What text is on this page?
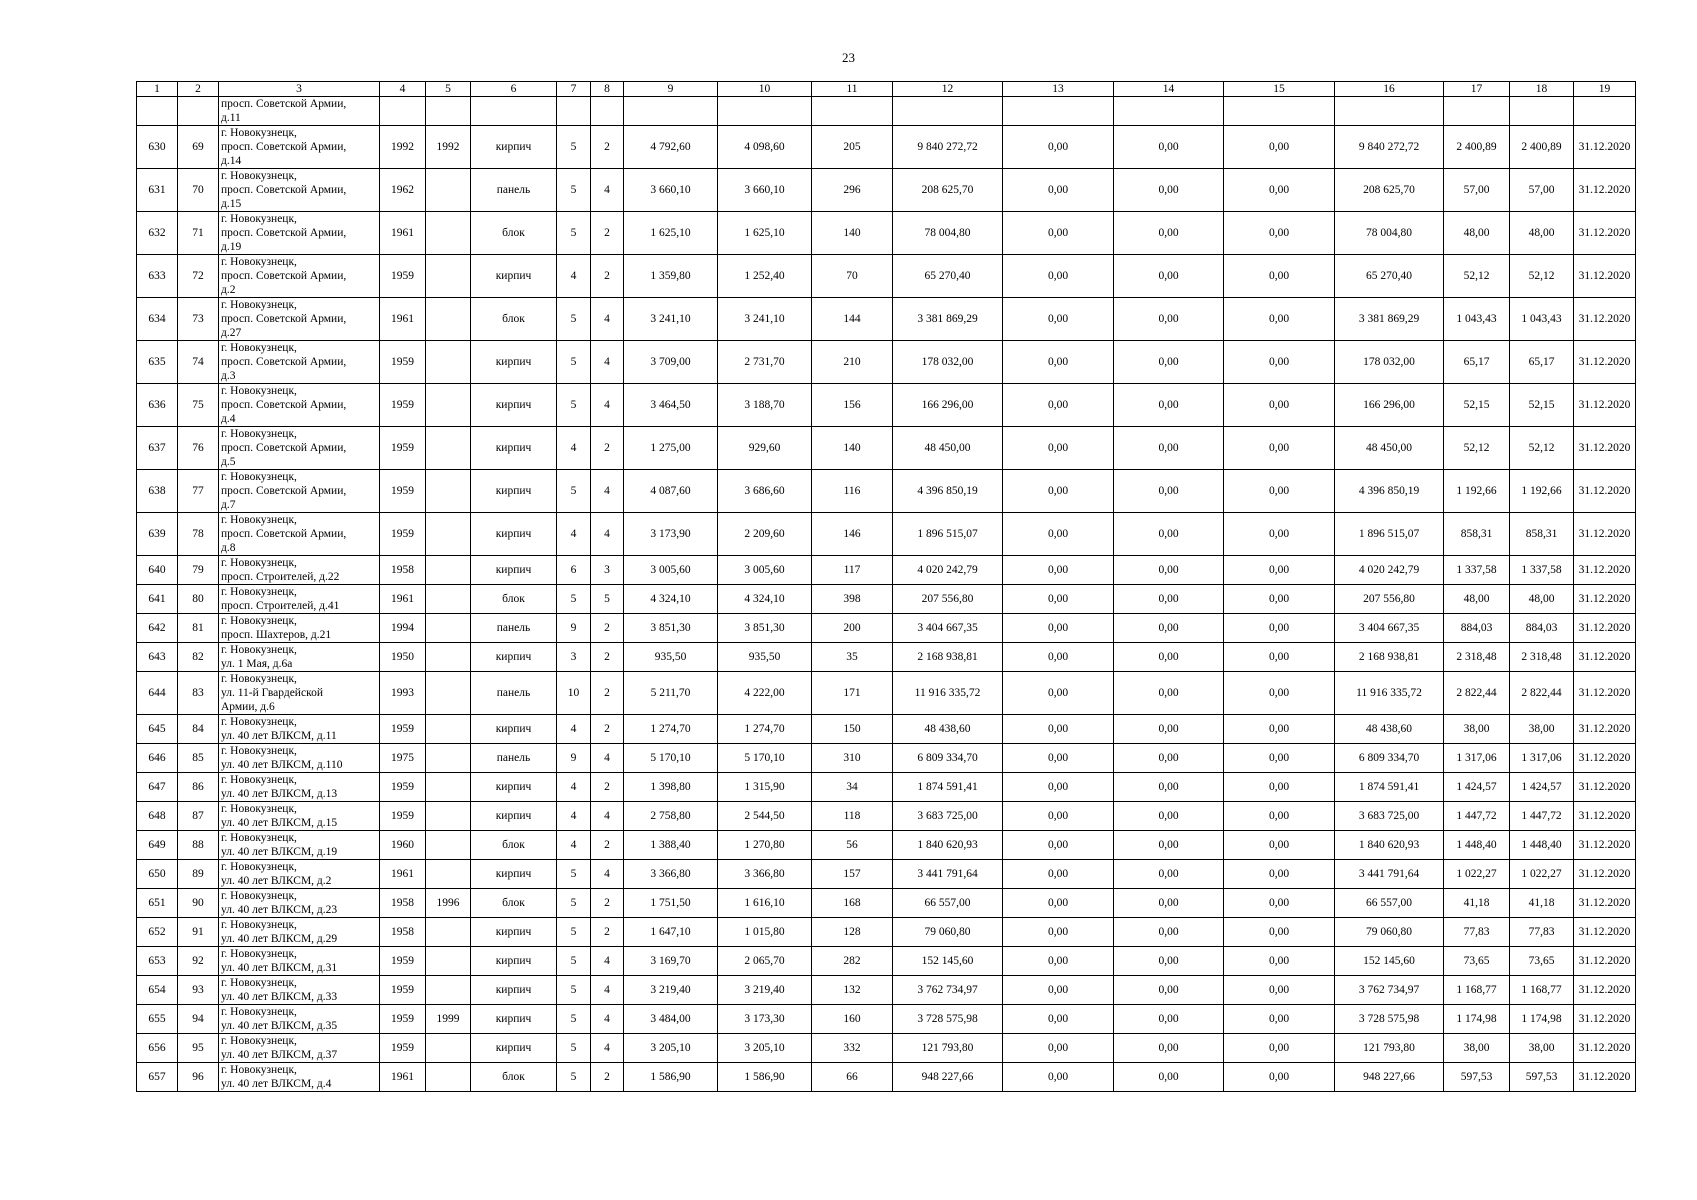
23
1	2	3	4	5	6	7	8	9	10	11	12	13	14	15	16	17	18	19

		просп. Советской Армии,
д.11																

630	69	г. Новокузнецк,
просп. Советской Армии,
д.14	1992	1992	кирпич	5	2	4 792,60	4 098,60	205	9 840 272,72	0,00	0,00	0,00	9 840 272,72	2 400,89	2 400,89	31.12.2020
631	70	г. Новокузнецк,
просп. Советской Армии,
д.15	1962		панель	5	4	3 660,10	3 660,10	296	208 625,70	0,00	0,00	0,00	208 625,70	57,00	57,00	31.12.2020
632	71	г. Новокузнецк,
просп. Советской Армии,
д.19	1961		блок	5	2	1 625,10	1 625,10	140	78 004,80	0,00	0,00	0,00	78 004,80	48,00	48,00	31.12.2020
633	72	г. Новокузнецк,
просп. Советской Армии,
д.2	1959		кирпич	4	2	1 359,80	1 252,40	70	65 270,40	0,00	0,00	0,00	65 270,40	52,12	52,12	31.12.2020
634	73	г. Новокузнецк,
просп. Советской Армии,
д.27	1961		блок	5	4	3 241,10	3 241,10	144	3 381 869,29	0,00	0,00	0,00	3 381 869,29	1 043,43	1 043,43	31.12.2020
635	74	г. Новокузнецк,
просп. Советской Армии,
д.3	1959		кирпич	5	4	3 709,00	2 731,70	210	178 032,00	0,00	0,00	0,00	178 032,00	65,17	65,17	31.12.2020
636	75	г. Новокузнецк,
просп. Советской Армии,
д.4	1959		кирпич	5	4	3 464,50	3 188,70	156	166 296,00	0,00	0,00	0,00	166 296,00	52,15	52,15	31.12.2020
637	76	г. Новокузнецк,
просп. Советской Армии,
д.5	1959		кирпич	4	2	1 275,00	929,60	140	48 450,00	0,00	0,00	0,00	48 450,00	52,12	52,12	31.12.2020
638	77	г. Новокузнецк,
просп. Советской Армии,
д.7	1959		кирпич	5	4	4 087,60	3 686,60	116	4 396 850,19	0,00	0,00	0,00	4 396 850,19	1 192,66	1 192,66	31.12.2020
639	78	г. Новокузнецк,
просп. Советской Армии,
д.8	1959		кирпич	4	4	3 173,90	2 209,60	146	1 896 515,07	0,00	0,00	0,00	1 896 515,07	858,31	858,31	31.12.2020
640	79	г. Новокузнецк,
просп. Строителей, д.22	1958		кирпич	6	3	3 005,60	3 005,60	117	4 020 242,79	0,00	0,00	0,00	4 020 242,79	1 337,58	1 337,58	31.12.2020
641	80	г. Новокузнецк,
просп. Строителей, д.41	1961		блок	5	5	4 324,10	4 324,10	398	207 556,80	0,00	0,00	0,00	207 556,80	48,00	48,00	31.12.2020
642	81	г. Новокузнецк,
просп. Шахтеров, д.21	1994		панель	9	2	3 851,30	3 851,30	200	3 404 667,35	0,00	0,00	0,00	3 404 667,35	884,03	884,03	31.12.2020
643	82	г. Новокузнецк,
ул. 1 Мая, д.6а	1950		кирпич	3	2	935,50	935,50	35	2 168 938,81	0,00	0,00	0,00	2 168 938,81	2 318,48	2 318,48	31.12.2020
644	83	г. Новокузнецк,
ул. 11-й Гвардейской
Армии, д.6	1993		панель	10	2	5 211,70	4 222,00	171	11 916 335,72	0,00	0,00	0,00	11 916 335,72	2 822,44	2 822,44	31.12.2020
645	84	г. Новокузнецк,
ул. 40 лет ВЛКСМ, д.11	1959		кирпич	4	2	1 274,70	1 274,70	150	48 438,60	0,00	0,00	0,00	48 438,60	38,00	38,00	31.12.2020
646	85	г. Новокузнецк,
ул. 40 лет ВЛКСМ, д.110	1975		панель	9	4	5 170,10	5 170,10	310	6 809 334,70	0,00	0,00	0,00	6 809 334,70	1 317,06	1 317,06	31.12.2020
647	86	г. Новокузнецк,
ул. 40 лет ВЛКСМ, д.13	1959		кирпич	4	2	1 398,80	1 315,90	34	1 874 591,41	0,00	0,00	0,00	1 874 591,41	1 424,57	1 424,57	31.12.2020
648	87	г. Новокузнецк,
ул. 40 лет ВЛКСМ, д.15	1959		кирпич	4	4	2 758,80	2 544,50	118	3 683 725,00	0,00	0,00	0,00	3 683 725,00	1 447,72	1 447,72	31.12.2020
649	88	г. Новокузнецк,
ул. 40 лет ВЛКСМ, д.19	1960		блок	4	2	1 388,40	1 270,80	56	1 840 620,93	0,00	0,00	0,00	1 840 620,93	1 448,40	1 448,40	31.12.2020
650	89	г. Новокузнецк,
ул. 40 лет ВЛКСМ, д.2	1961		кирпич	5	4	3 366,80	3 366,80	157	3 441 791,64	0,00	0,00	0,00	3 441 791,64	1 022,27	1 022,27	31.12.2020
651	90	г. Новокузнецк,
ул. 40 лет ВЛКСМ, д.23	1958	1996	блок	5	2	1 751,50	1 616,10	168	66 557,00	0,00	0,00	0,00	66 557,00	41,18	41,18	31.12.2020
652	91	г. Новокузнецк,
ул. 40 лет ВЛКСМ, д.29	1958		кирпич	5	2	1 647,10	1 015,80	128	79 060,80	0,00	0,00	0,00	79 060,80	77,83	77,83	31.12.2020
653	92	г. Новокузнецк,
ул. 40 лет ВЛКСМ, д.31	1959		кирпич	5	4	3 169,70	2 065,70	282	152 145,60	0,00	0,00	0,00	152 145,60	73,65	73,65	31.12.2020
654	93	г. Новокузнецк,
ул. 40 лет ВЛКСМ, д.33	1959		кирпич	5	4	3 219,40	3 219,40	132	3 762 734,97	0,00	0,00	0,00	3 762 734,97	1 168,77	1 168,77	31.12.2020
655	94	г. Новокузнецк,
ул. 40 лет ВЛКСМ, д.35	1959	1999	кирпич	5	4	3 484,00	3 173,30	160	3 728 575,98	0,00	0,00	0,00	3 728 575,98	1 174,98	1 174,98	31.12.2020
656	95	г. Новокузнецк,
ул. 40 лет ВЛКСМ, д.37	1959		кирпич	5	4	3 205,10	3 205,10	332	121 793,80	0,00	0,00	0,00	121 793,80	38,00	38,00	31.12.2020
657	96	г. Новокузнецк,
ул. 40 лет ВЛКСМ, д.4	1961		блок	5	2	1 586,90	1 586,90	66	948 227,66	0,00	0,00	0,00	948 227,66	597,53	597,53	31.12.2020
